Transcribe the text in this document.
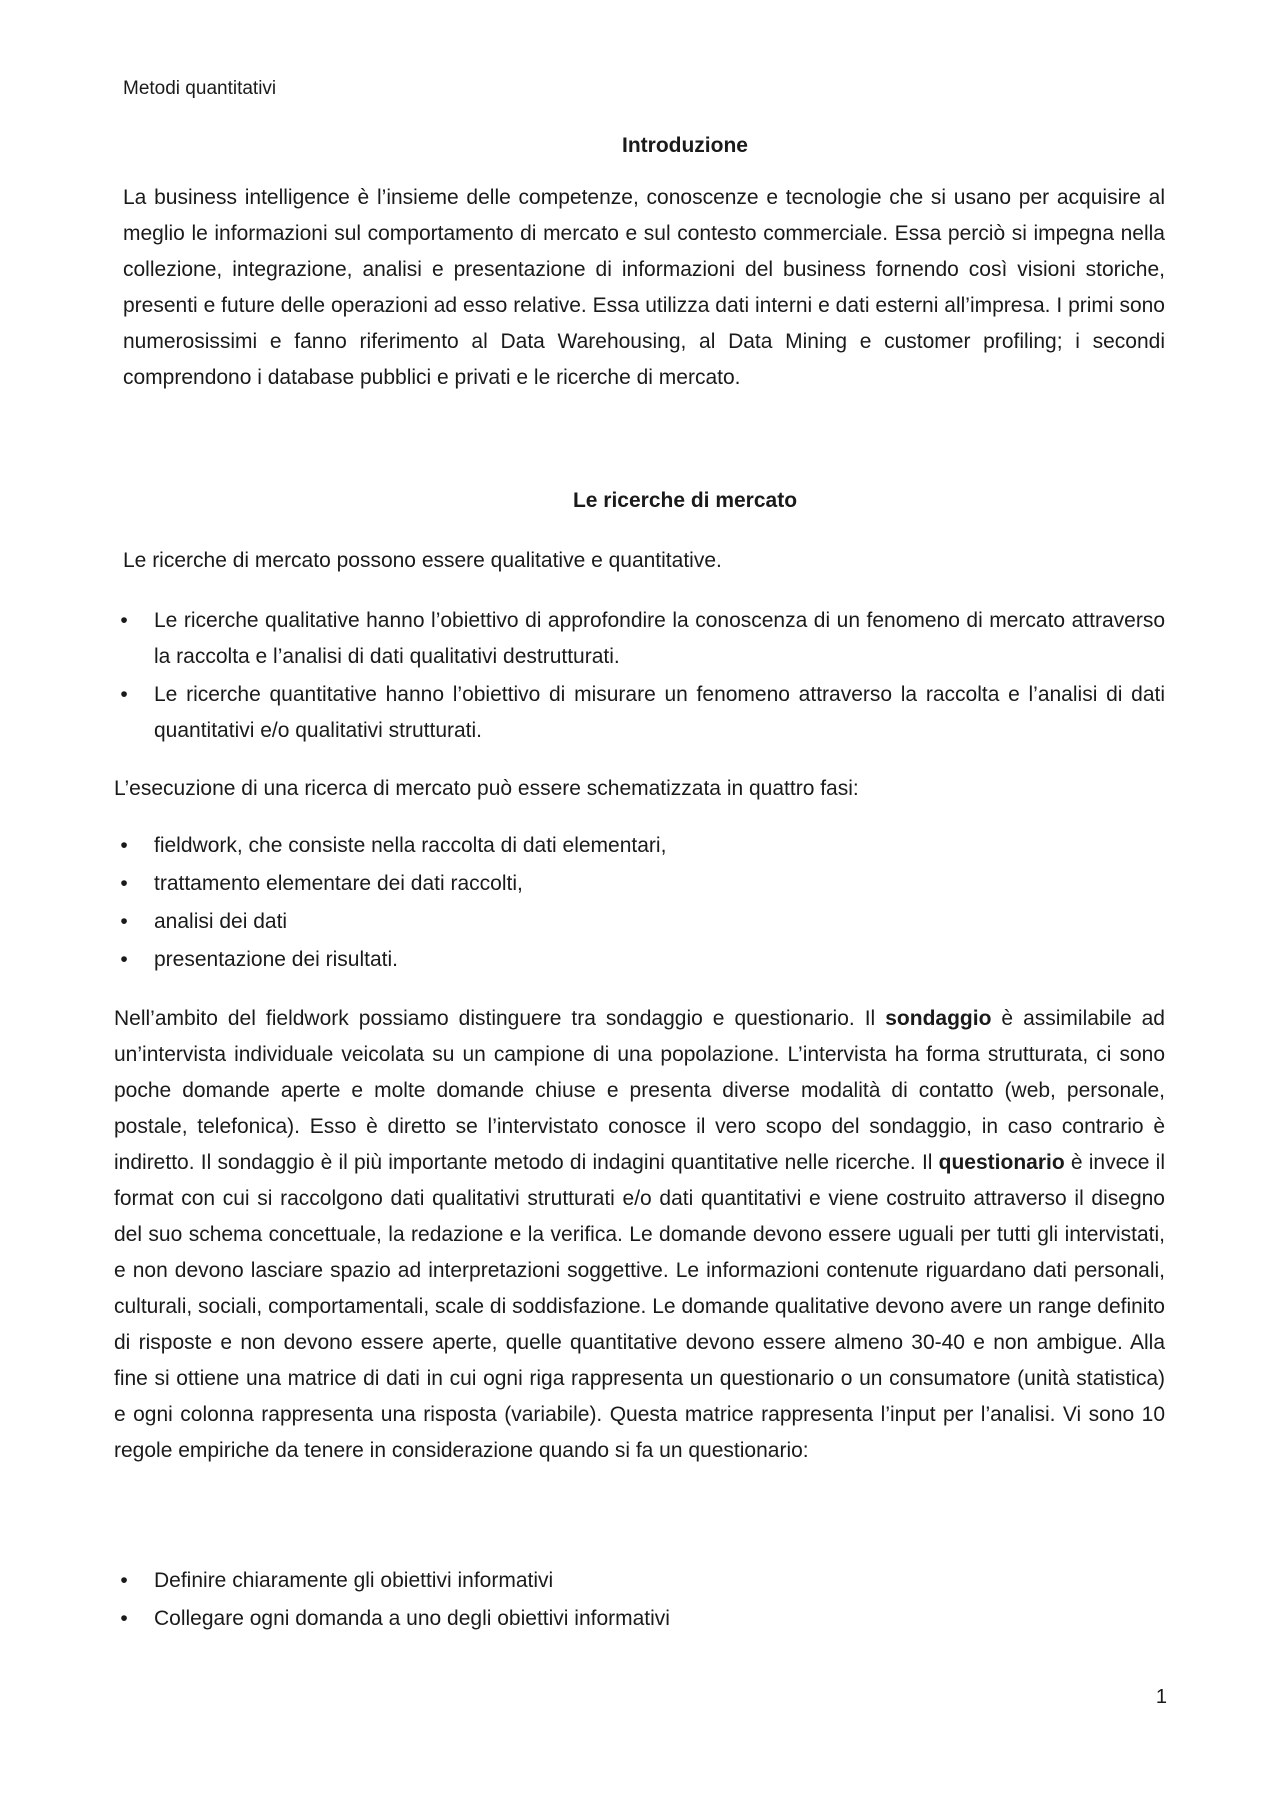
Metodi quantitativi
Introduzione

La business intelligence è l’insieme delle competenze, conoscenze e tecnologie che si usano per acquisire al meglio le informazioni sul comportamento di mercato e sul contesto commerciale. Essa perciò si impegna nella collezione, integrazione, analisi e presentazione di informazioni del business fornendo così visioni storiche, presenti e future delle operazioni ad esso relative. Essa utilizza dati interni e dati esterni all’impresa. I primi sono numerosissimi e fanno riferimento al Data Warehousing, al Data Mining e customer profiling; i secondi comprendono i database pubblici e privati e le ricerche di mercato.

Le ricerche di mercato

Le ricerche di mercato possono essere qualitative e quantitative.

•	Le ricerche qualitative hanno l’obiettivo di approfondire la conoscenza di un fenomeno di mercato attraverso la raccolta e l’analisi di dati qualitativi destrutturati.
•	Le ricerche quantitative hanno l’obiettivo di misurare un fenomeno attraverso la raccolta e l’analisi di dati quantitativi e/o qualitativi strutturati.

L’esecuzione di una ricerca di mercato può essere schematizzata in quattro fasi:

•	fieldwork, che consiste nella raccolta di dati elementari,
•	trattamento elementare dei dati raccolti,
•	analisi dei dati
•	presentazione dei risultati.

Nell’ambito del fieldwork possiamo distinguere tra sondaggio e questionario. Il sondaggio è assimilabile ad un’intervista individuale veicolata su un campione di una popolazione. L’intervista ha forma strutturata, ci sono poche domande aperte e molte domande chiuse e presenta diverse modalità di contatto (web, personale, postale, telefonica). Esso è diretto se l’intervistato conosce il vero scopo del sondaggio, in caso contrario è indiretto. Il sondaggio è il più importante metodo di indagini quantitative nelle ricerche. Il questionario è invece il format con cui si raccolgono dati qualitativi strutturati e/o dati quantitativi e viene costruito attraverso il disegno del suo schema concettuale, la redazione e la verifica. Le domande devono essere uguali per tutti gli intervistati, e non devono lasciare spazio ad interpretazioni soggettive. Le informazioni contenute riguardano dati personali, culturali, sociali, comportamentali, scale di soddisfazione. Le domande qualitative devono avere un range definito di risposte e non devono essere aperte, quelle quantitative devono essere almeno 30-40 e non ambigue. Alla fine si ottiene una matrice di dati in cui ogni riga rappresenta un questionario o un consumatore (unità statistica) e ogni colonna rappresenta una risposta (variabile). Questa matrice rappresenta l’input per l’analisi. Vi sono 10 regole empiriche da tenere in considerazione quando si fa un questionario:

•	Definire chiaramente gli obiettivi informativi
•	Collegare ogni domanda a uno degli obiettivi informativi
1
